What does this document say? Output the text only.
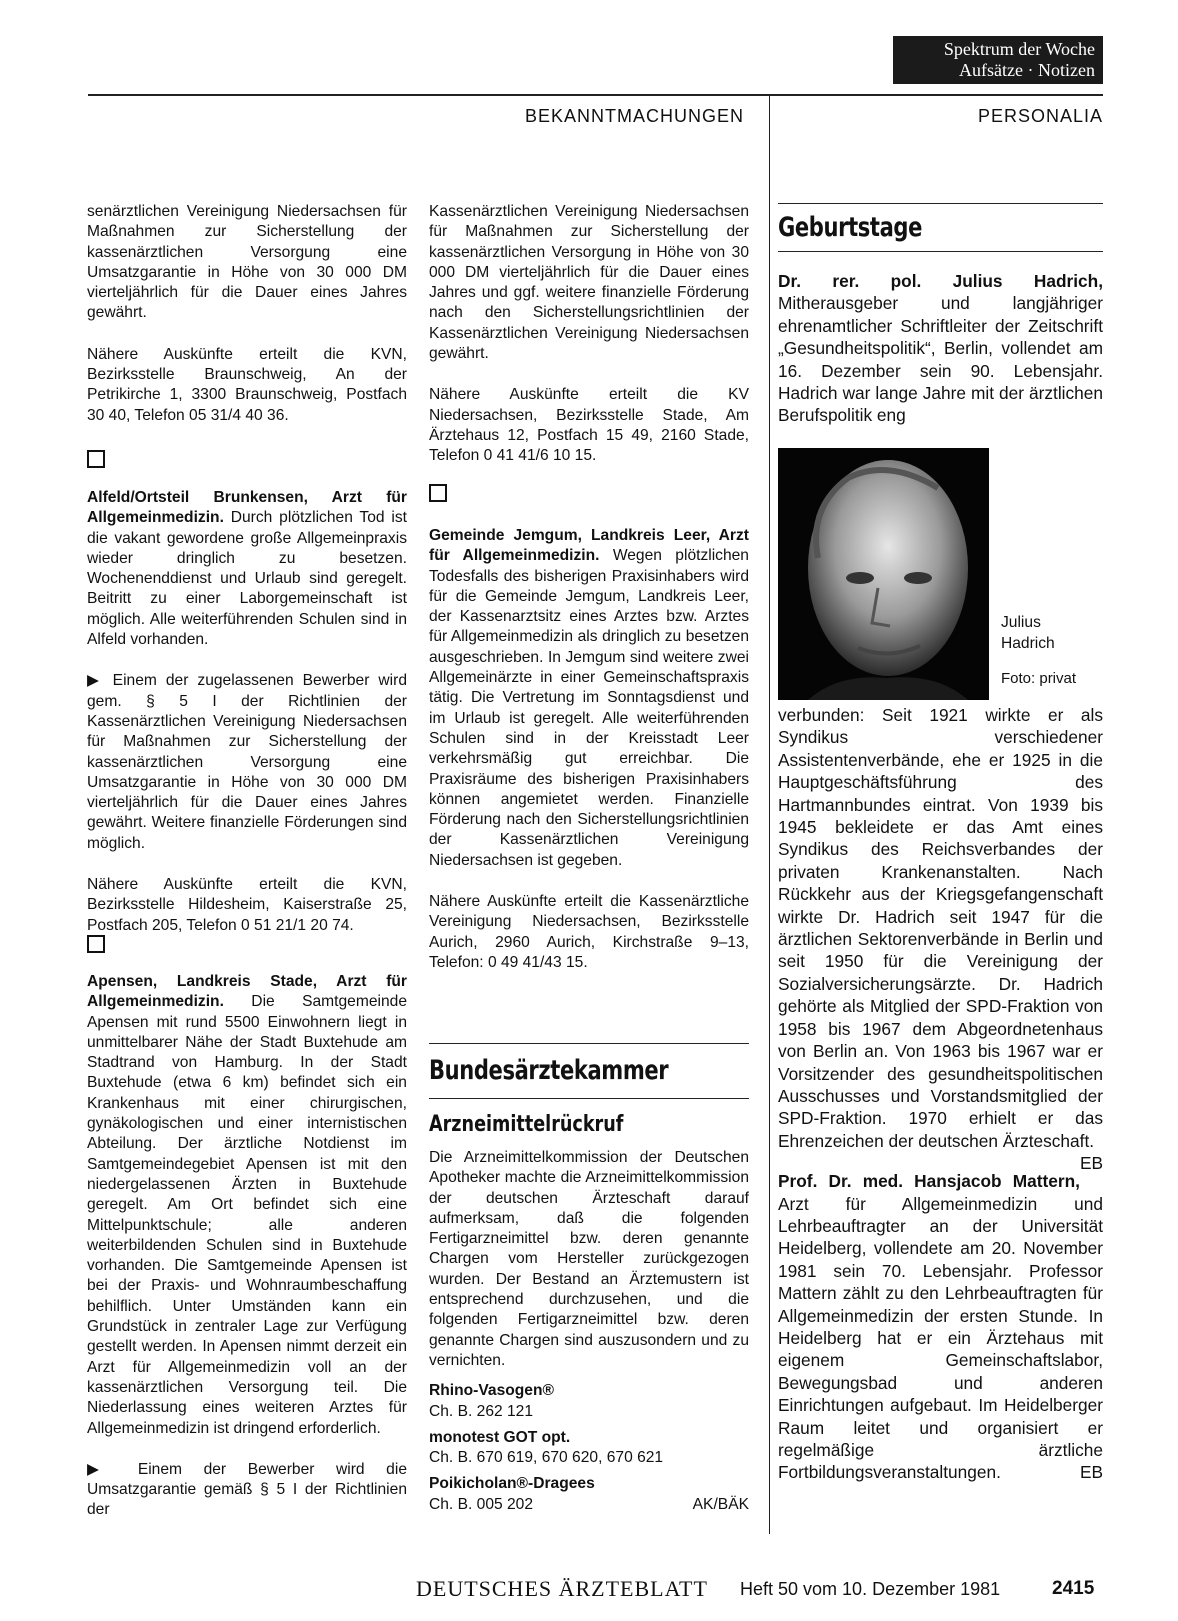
Spektrum der Woche
Aufsätze · Notizen
BEKANNTMACHUNGEN	PERSONALIA

senärztlichen Vereinigung Niedersachsen für Maßnahmen zur Sicherstellung der kassenärztlichen Versorgung eine Umsatzgarantie in Höhe von 30 000 DM vierteljährlich für die Dauer eines Jahres gewährt.

Nähere Auskünfte erteilt die KVN, Bezirksstelle Braunschweig, An der Petrikirche 1, 3300 Braunschweig, Postfach 30 40, Telefon 05 31/4 40 36.

Alfeld/Ortsteil Brunkensen, Arzt für Allgemeinmedizin. Durch plötzlichen Tod ist die vakant gewordene große Allgemeinpraxis wieder dringlich zu besetzen. Wochenenddienst und Urlaub sind geregelt. Beitritt zu einer Laborgemeinschaft ist möglich. Alle weiterführenden Schulen sind in Alfeld vorhanden.

▶ Einem der zugelassenen Bewerber wird gem. § 5 I der Richtlinien der Kassenärztlichen Vereinigung Niedersachsen für Maßnahmen zur Sicherstellung der kassenärztlichen Versorgung eine Umsatzgarantie in Höhe von 30 000 DM vierteljährlich für die Dauer eines Jahres gewährt. Weitere finanzielle Förderungen sind möglich.

Nähere Auskünfte erteilt die KVN, Bezirksstelle Hildesheim, Kaiserstraße 25, Postfach 205, Telefon 0 51 21/1 20 74.

Apensen, Landkreis Stade, Arzt für Allgemeinmedizin. Die Samtgemeinde Apensen mit rund 5500 Einwohnern liegt in unmittelbarer Nähe der Stadt Buxtehude am Stadtrand von Hamburg. In der Stadt Buxtehude (etwa 6 km) befindet sich ein Krankenhaus mit einer chirurgischen, gynäkologischen und einer internistischen Abteilung. Der ärztliche Notdienst im Samtgemeindegebiet Apensen ist mit den niedergelassenen Ärzten in Buxtehude geregelt. Am Ort befindet sich eine Mittelpunktschule; alle anderen weiterbildenden Schulen sind in Buxtehude vorhanden. Die Samtgemeinde Apensen ist bei der Praxis- und Wohnraumbeschaffung behilflich. Unter Umständen kann ein Grundstück in zentraler Lage zur Verfügung gestellt werden. In Apensen nimmt derzeit ein Arzt für Allgemeinmedizin voll an der kassenärztlichen Versorgung teil. Die Niederlassung eines weiteren Arztes für Allgemeinmedizin ist dringend erforderlich.

▶ Einem der Bewerber wird die Umsatzgarantie gemäß § 5 I der Richtlinien der

Kassenärztlichen Vereinigung Niedersachsen für Maßnahmen zur Sicherstellung der kassenärztlichen Versorgung in Höhe von 30 000 DM vierteljährlich für die Dauer eines Jahres und ggf. weitere finanzielle Förderung nach den Sicherstellungsrichtlinien der Kassenärztlichen Vereinigung Niedersachsen gewährt.

Nähere Auskünfte erteilt die KV Niedersachsen, Bezirksstelle Stade, Am Ärztehaus 12, Postfach 15 49, 2160 Stade, Telefon 0 41 41/6 10 15.

Gemeinde Jemgum, Landkreis Leer, Arzt für Allgemeinmedizin. Wegen plötzlichen Todesfalls des bisherigen Praxisinhabers wird für die Gemeinde Jemgum, Landkreis Leer, der Kassenarztsitz eines Arztes bzw. Arztes für Allgemeinmedizin als dringlich zu besetzen ausgeschrieben. In Jemgum sind weitere zwei Allgemeinärzte in einer Gemeinschaftspraxis tätig. Die Vertretung im Sonntagsdienst und im Urlaub ist geregelt. Alle weiterführenden Schulen sind in der Kreisstadt Leer verkehrsmäßig gut erreichbar. Die Praxisräume des bisherigen Praxisinhabers können angemietet werden. Finanzielle Förderung nach den Sicherstellungsrichtlinien der Kassenärztlichen Vereinigung Niedersachsen ist gegeben.

Nähere Auskünfte erteilt die Kassenärztliche Vereinigung Niedersachsen, Bezirksstelle Aurich, 2960 Aurich, Kirchstraße 9–13, Telefon: 0 49 41/43 15.

Bundesärztekammer
Arzneimittelrückruf

Die Arzneimittelkommission der Deutschen Apotheker machte die Arzneimittelkommission der deutschen Ärzteschaft darauf aufmerksam, daß die folgenden Fertigarzneimittel bzw. deren genannte Chargen vom Hersteller zurückgezogen wurden. Der Bestand an Ärztemustern ist entsprechend durchzusehen, und die folgenden Fertigarzneimittel bzw. deren genannte Chargen sind auszusondern und zu vernichten.

Rhino-Vasogen®
Ch. B. 262 121
monotest GOT opt.
Ch. B. 670 619, 670 620, 670 621
Poikicholan®-Dragees
Ch. B. 005 202	AK/BÄK
Geburtstage

Dr. rer. pol. Julius Hadrich, Mitherausgeber und langjähriger ehrenamtlicher Schriftleiter der Zeitschrift „Gesundheitspolitik“, Berlin, vollendet am 16. Dezember sein 90. Lebensjahr. Hadrich war lange Jahre mit der ärztlichen Berufspolitik eng

Julius
Hadrich
Foto: privat

verbunden: Seit 1921 wirkte er als Syndikus verschiedener Assistentenverbände, ehe er 1925 in die Hauptgeschäftsführung des Hartmannbundes eintrat. Von 1939 bis 1945 bekleidete er das Amt eines Syndikus des Reichsverbandes der privaten Krankenanstalten. Nach Rückkehr aus der Kriegsgefangenschaft wirkte Dr. Hadrich seit 1947 für die ärztlichen Sektorenverbände in Berlin und seit 1950 für die Vereinigung der Sozialversicherungsärzte. Dr. Hadrich gehörte als Mitglied der SPD-Fraktion von 1958 bis 1967 dem Abgeordnetenhaus von Berlin an. Von 1963 bis 1967 war er Vorsitzender des gesundheitspolitischen Ausschusses und Vorstandsmitglied der SPD-Fraktion. 1970 erhielt er das Ehrenzeichen der deutschen Ärzteschaft.
EB

Prof. Dr. med. Hansjacob Mattern, Arzt für Allgemeinmedizin und Lehrbeauftragter an der Universität Heidelberg, vollendete am 20. November 1981 sein 70. Lebensjahr. Professor Mattern zählt zu den Lehrbeauftragten für Allgemeinmedizin der ersten Stunde. In Heidelberg hat er ein Ärztehaus mit eigenem Gemeinschaftslabor, Bewegungsbad und anderen Einrichtungen aufgebaut. Im Heidelberger Raum leitet und organisiert er regelmäßige ärztliche Fortbildungsveranstaltungen.	EB

DEUTSCHES ÄRZTEBLATT Heft 50 vom 10. Dezember 1981	2415
